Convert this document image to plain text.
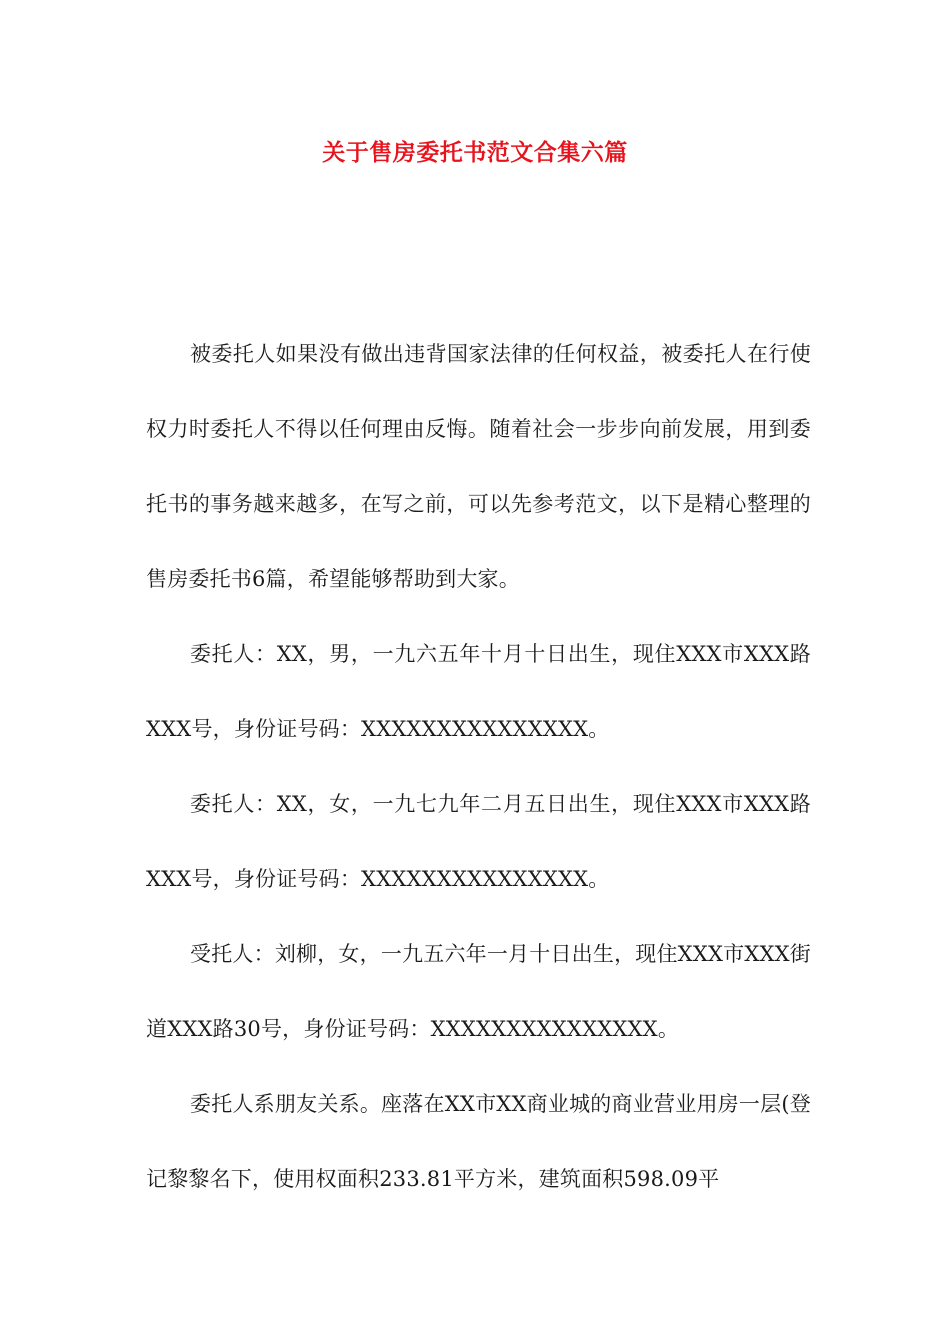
关于售房委托书范文合集六篇

被委托人如果没有做出违背国家法律的任何权益，被委托人在行使权力时委托人不得以任何理由反悔。随着社会一步步向前发展，用到委托书的事务越来越多，在写之前，可以先参考范文，以下是精心整理的售房委托书6篇，希望能够帮助到大家。

委托人：XX，男，一九六五年十月十日出生，现住XXX市XXX路XXX号，身份证号码：XXXXXXXXXXXXXXX。

委托人：XX，女，一九七九年二月五日出生，现住XXX市XXX路XXX号，身份证号码：XXXXXXXXXXXXXXX。

受托人：刘柳，女，一九五六年一月十日出生，现住XXX市XXX街道XXX路30号，身份证号码：XXXXXXXXXXXXXXX。

委托人系朋友关系。座落在XX市XX商业城的商业营业用房一层(登记黎黎名下，使用权面积233.81平方米，建筑面积598.09平
